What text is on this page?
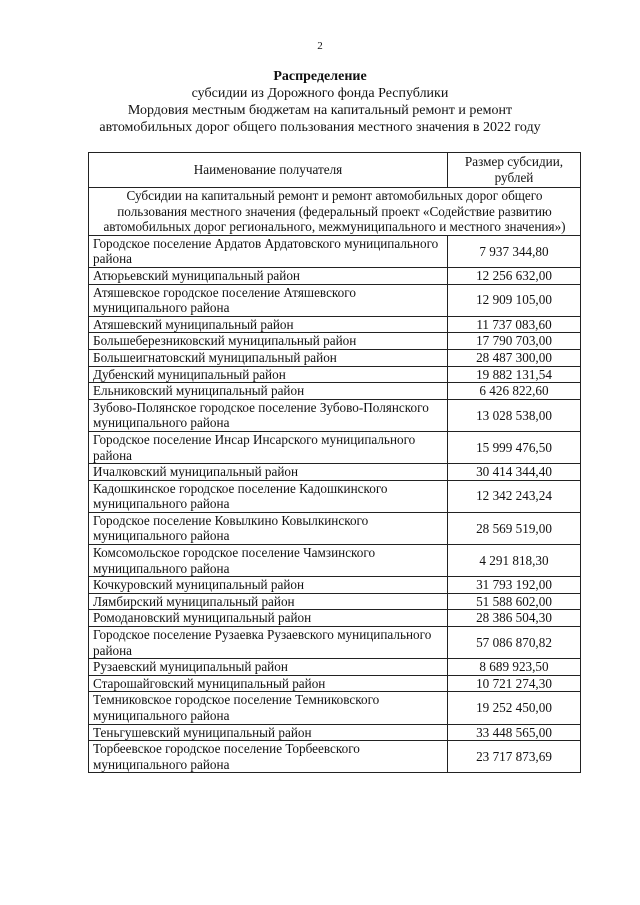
2
Распределение
субсидии из Дорожного фонда Республики
Мордовия местным бюджетам на капитальный ремонт и ремонт
автомобильных дорог общего пользования местного значения в 2022 году
Наименование получателя	Размер субсидии, рублей
Субсидии на капитальный ремонт и ремонт автомобильных дорог общего пользования местного значения (федеральный проект «Содействие развитию автомобильных дорог регионального, межмуниципального и местного значения»)	
Городское поселение Ардатов Ардатовского муниципального района	7 937 344,80
Атюрьевский муниципальный район	12 256 632,00
Атяшевское городское поселение Атяшевского муниципального района	12 909 105,00
Атяшевский муниципальный район	11 737 083,60
Большеберезниковский муниципальный район	17 790 703,00
Большеигнатовский муниципальный район	28 487 300,00
Дубенский муниципальный район	19 882 131,54
Ельниковский муниципальный район	6 426 822,60
Зубово-Полянское городское поселение Зубово-Полянского муниципального района	13 028 538,00
Городское поселение Инсар Инсарского муниципального района	15 999 476,50
Ичалковский муниципальный район	30 414 344,40
Кадошкинское городское поселение Кадошкинского муниципального района	12 342 243,24
Городское поселение Ковылкино Ковылкинского муниципального района	28 569 519,00
Комсомольское городское поселение Чамзинского муниципального района	4 291 818,30
Кочкуровский муниципальный район	31 793 192,00
Лямбирский муниципальный район	51 588 602,00
Ромодановский муниципальный район	28 386 504,30
Городское поселение Рузаевка Рузаевского муниципального района	57 086 870,82
Рузаевский муниципальный район	8 689 923,50
Старошайговский муниципальный район	10 721 274,30
Темниковское городское поселение Темниковского муниципального района	19 252 450,00
Теньгушевский муниципальный район	33 448 565,00
Торбеевское городское поселение Торбеевского муниципального района	23 717 873,69
